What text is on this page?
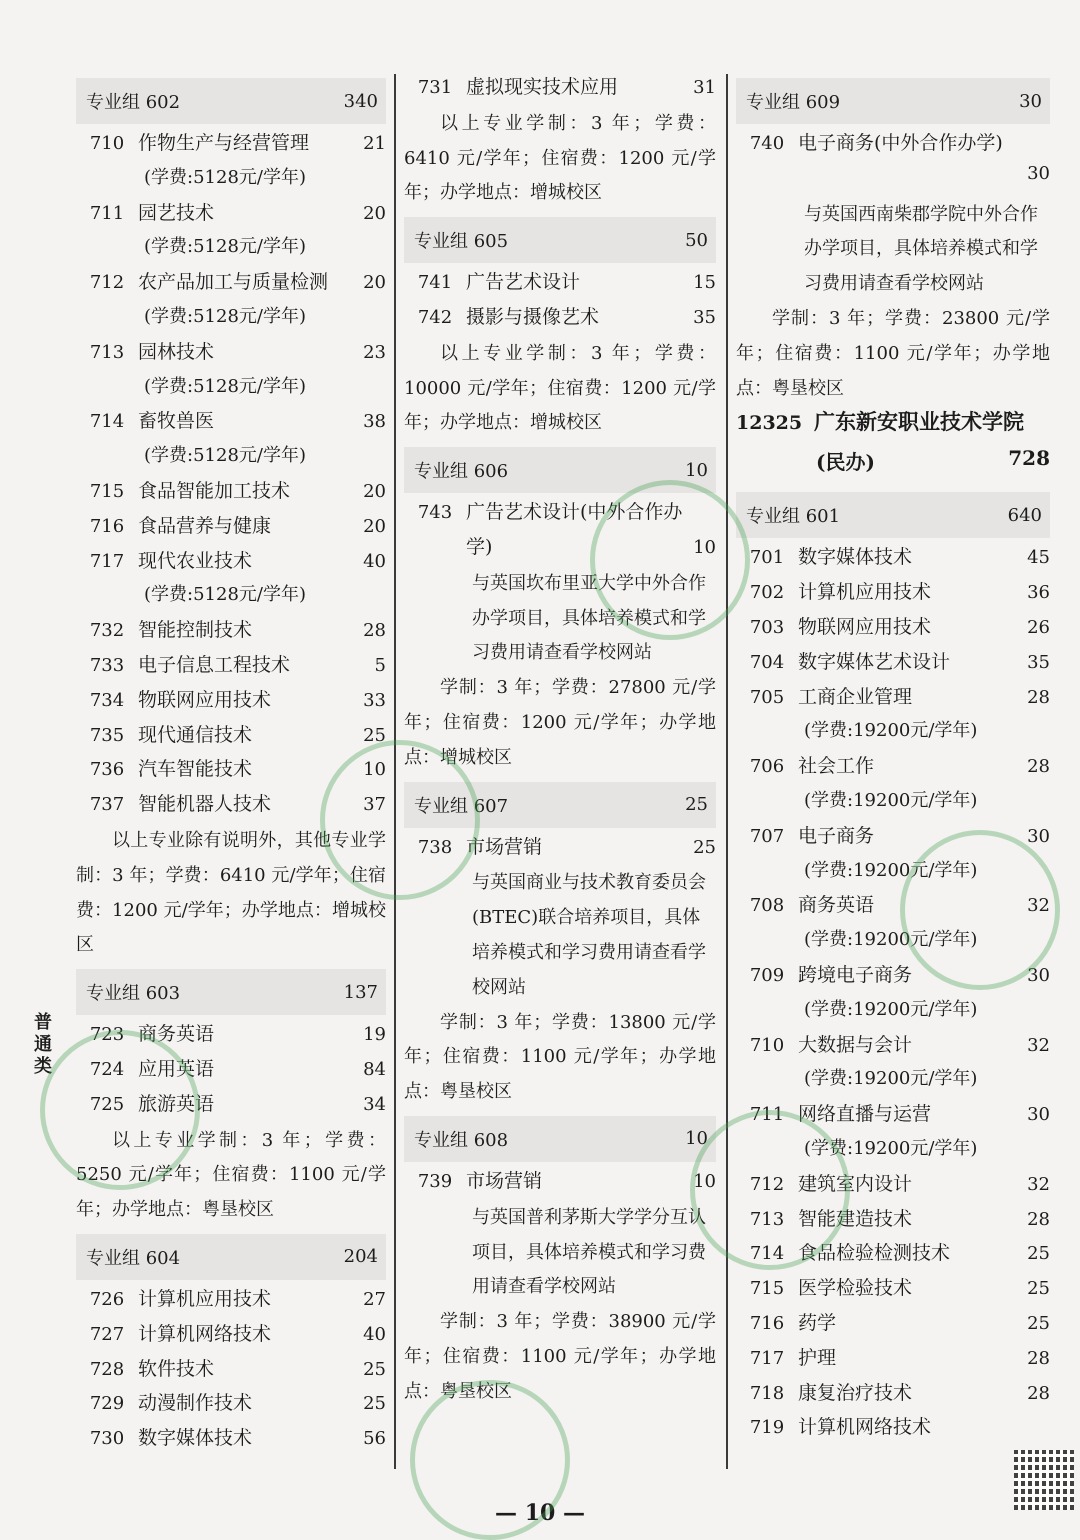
普通类
专业组 602	340
710 作物生产与经营管理	21
(学费:5128元/学年)
711 园艺技术	20
(学费:5128元/学年)
712 农产品加工与质量检测	20
(学费:5128元/学年)
713 园林技术	23
(学费:5128元/学年)
714 畜牧兽医	38
(学费:5128元/学年)
715 食品智能加工技术	20
716 食品营养与健康	20
717 现代农业技术	40
(学费:5128元/学年)
732 智能控制技术	28
733 电子信息工程技术	5
734 物联网应用技术	33
735 现代通信技术	25
736 汽车智能技术	10
737 智能机器人技术	37
以上专业除有说明外，其他专业学制：3 年；学费：6410 元/学年；住宿费：1200 元/学年；办学地点：增城校区
专业组 603	137
723 商务英语	19
724 应用英语	84
725 旅游英语	34
以上专业学制：3 年；学费：5250 元/学年；住宿费：1100 元/学年；办学地点：粤垦校区
专业组 604	204
726 计算机应用技术	27
727 计算机网络技术	40
728 软件技术	25
729 动漫制作技术	25
730 数字媒体技术	56
731 虚拟现实技术应用	31
以上专业学制：3 年；学费：6410 元/学年；住宿费：1200 元/学年；办学地点：增城校区
专业组 605	50
741 广告艺术设计	15
742 摄影与摄像艺术	35
以上专业学制：3 年；学费：10000 元/学年；住宿费：1200 元/学年；办学地点：增城校区
专业组 606	10
743 广告艺术设计(中外合作办
学)	10
与英国坎布里亚大学中外合作办学项目，具体培养模式和学习费用请查看学校网站
学制：3 年；学费：27800 元/学年；住宿费：1200 元/学年；办学地点：增城校区
专业组 607	25
738 市场营销	25
与英国商业与技术教育委员会(BTEC)联合培养项目，具体培养模式和学习费用请查看学校网站
学制：3 年；学费：13800 元/学年；住宿费：1100 元/学年；办学地点：粤垦校区
专业组 608	10
739 市场营销	10
与英国普利茅斯大学学分互认项目，具体培养模式和学习费用请查看学校网站
学制：3 年；学费：38900 元/学年；住宿费：1100 元/学年；办学地点：粤垦校区
专业组 609	30
740 电子商务(中外合作办学)
30
与英国西南柴郡学院中外合作办学项目，具体培养模式和学习费用请查看学校网站
学制：3 年；学费：23800 元/学年；住宿费：1100 元/学年；办学地点：粤垦校区
12325 广东新安职业技术学院
(民办)	728
专业组 601	640
701 数字媒体技术	45
702 计算机应用技术	36
703 物联网应用技术	26
704 数字媒体艺术设计	35
705 工商企业管理	28
(学费:19200元/学年)
706 社会工作	28
(学费:19200元/学年)
707 电子商务	30
(学费:19200元/学年)
708 商务英语	32
(学费:19200元/学年)
709 跨境电子商务	30
(学费:19200元/学年)
710 大数据与会计	32
(学费:19200元/学年)
711 网络直播与运营	30
(学费:19200元/学年)
712 建筑室内设计	32
713 智能建造技术	28
714 食品检验检测技术	25
715 医学检验技术	25
716 药学	25
717 护理	28
718 康复治疗技术	28
719 计算机网络技术
— 10 —
